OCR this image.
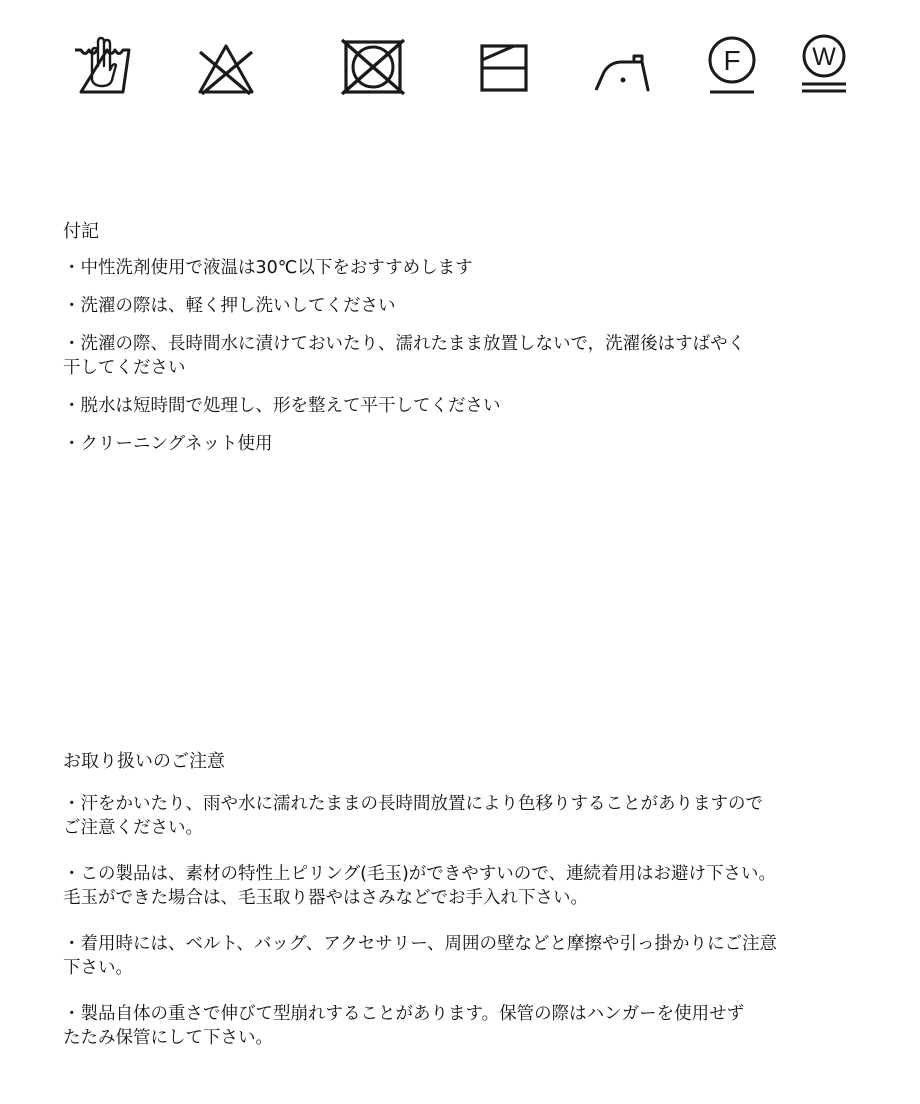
F	W

付記

・中性洗剤使用で液温は30℃以下をおすすめします

・洗濯の際は、軽く押し洗いしてください

・洗濯の際、長時間水に漬けておいたり、濡れたまま放置しないで，洗濯後はすばやく
干してください

・脱水は短時間で処理し、形を整えて平干してください

・クリーニングネット使用

お取り扱いのご注意

・汗をかいたり、雨や水に濡れたままの長時間放置により色移りすることがありますので
ご注意ください。

・この製品は、素材の特性上ピリング(毛玉)ができやすいので、連続着用はお避け下さい。
毛玉ができた場合は、毛玉取り器やはさみなどでお手入れ下さい。

・着用時には、ベルト、バッグ、アクセサリー、周囲の壁などと摩擦や引っ掛かりにご注意
下さい。

・製品自体の重さで伸びて型崩れすることがあります。保管の際はハンガーを使用せず
たたみ保管にして下さい。
